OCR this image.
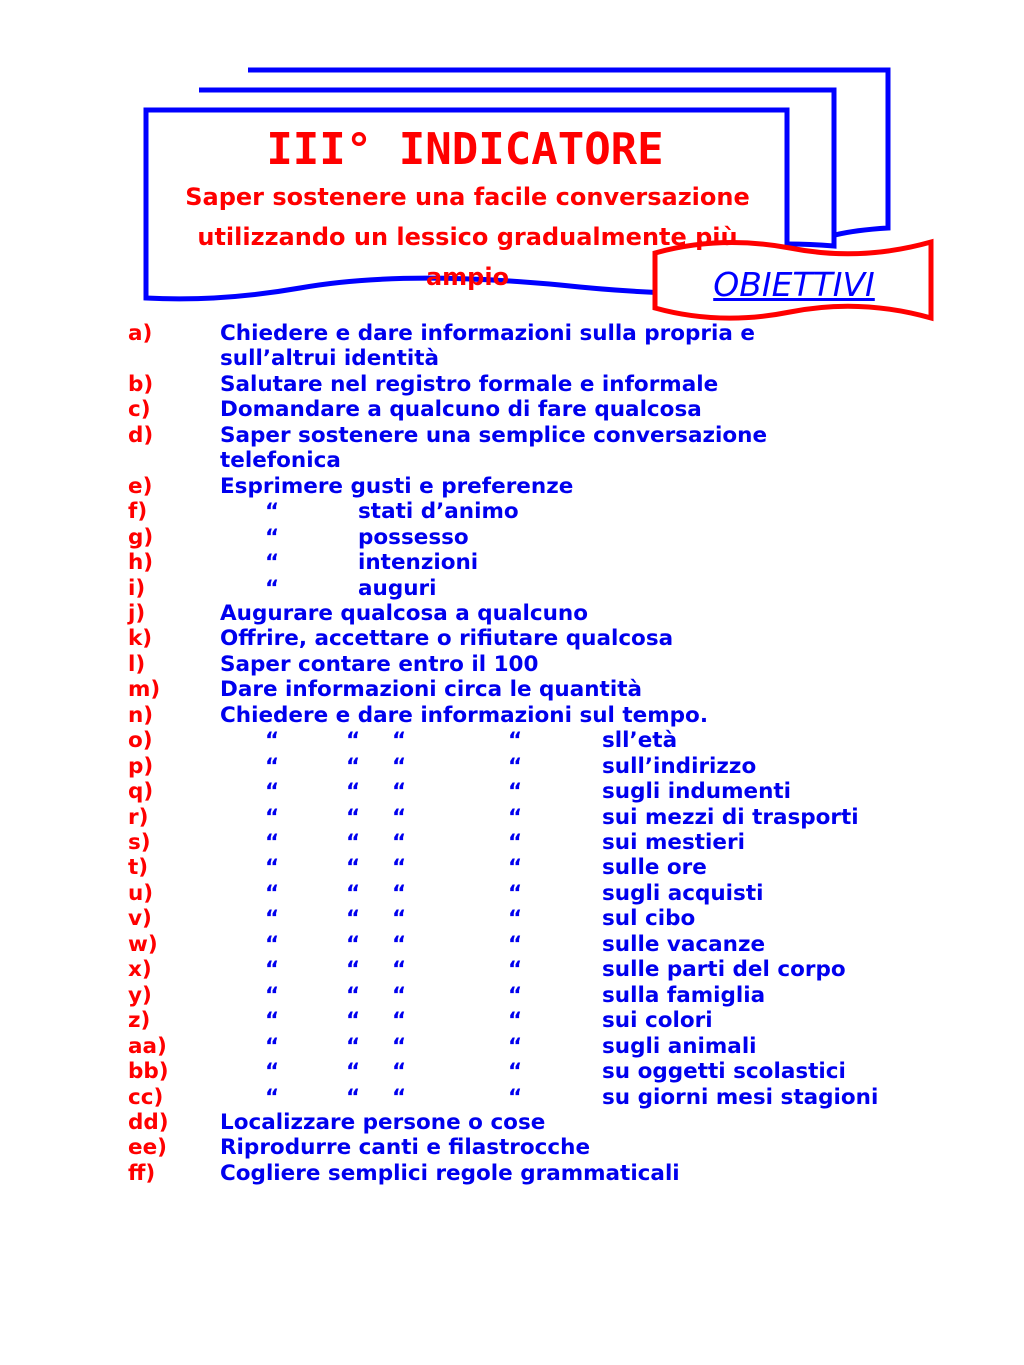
III° INDICATORE
Saper sostenere una facile conversazione
utilizzando un lessico gradualmente più
ampio	OBIETTIVI
a)	Chiedere e dare informazioni sulla propria e
sull’altrui identità
b)	Salutare nel registro formale e informale
c)	Domandare a qualcuno di fare qualcosa
d)	Saper sostenere una semplice conversazione
telefonica
e)	Esprimere gusti e preferenze
f)	“	stati d’animo
g)	“	possesso
h)	“	intenzioni
i)	“	auguri
j)	Augurare qualcosa a qualcuno
k)	Offrire, accettare o rifiutare qualcosa
l)	Saper contare entro il 100
m)	Dare informazioni circa le quantità
n)	Chiedere e dare informazioni sul tempo.
o)	“	“ “	“	sll’età
p)	“	“ “	“	sull’indirizzo
q)	“	“ “	“	sugli indumenti
r)	“	“ “	“	sui mezzi di trasporti
s)	“	“ “	“	sui mestieri
t)	“	“ “	“	sulle ore
u)	“	“ “	“	sugli acquisti
v)	“	“ “	“	sul cibo
w)	“	“ “	“	sulle vacanze
x)	“	“ “	“	sulle parti del corpo
y)	“	“ “	“	sulla famiglia
z)	“	“ “	“	sui colori
aa)	“	“ “	“	sugli animali
bb)	“	“ “	“	su oggetti scolastici
cc)	“	“ “	“	su giorni mesi stagioni
dd) Localizzare persone o cose
ee) Riprodurre canti e filastrocche
ff)	Cogliere semplici regole grammaticali
